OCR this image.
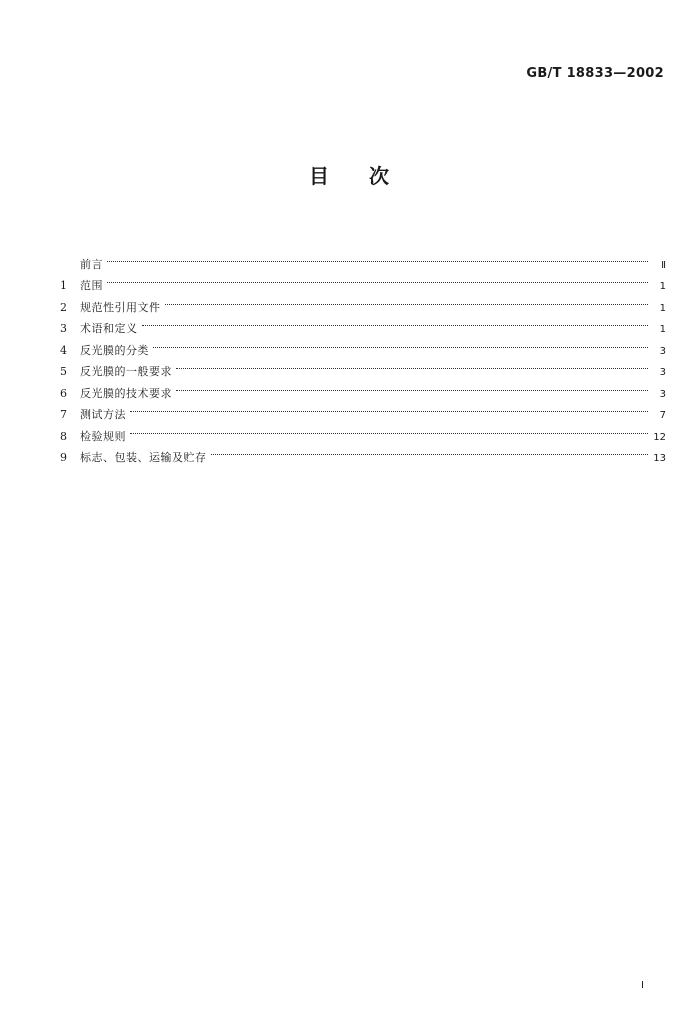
GB/T 18833—2002
目次
前言	Ⅱ
1	范围	1
2	规范性引用文件	1
3	术语和定义	1
4	反光膜的分类	3
5	反光膜的一般要求	3
6	反光膜的技术要求	3
7	测试方法	7
8	检验规则	12
9	标志、包装、运输及贮存	13
I
